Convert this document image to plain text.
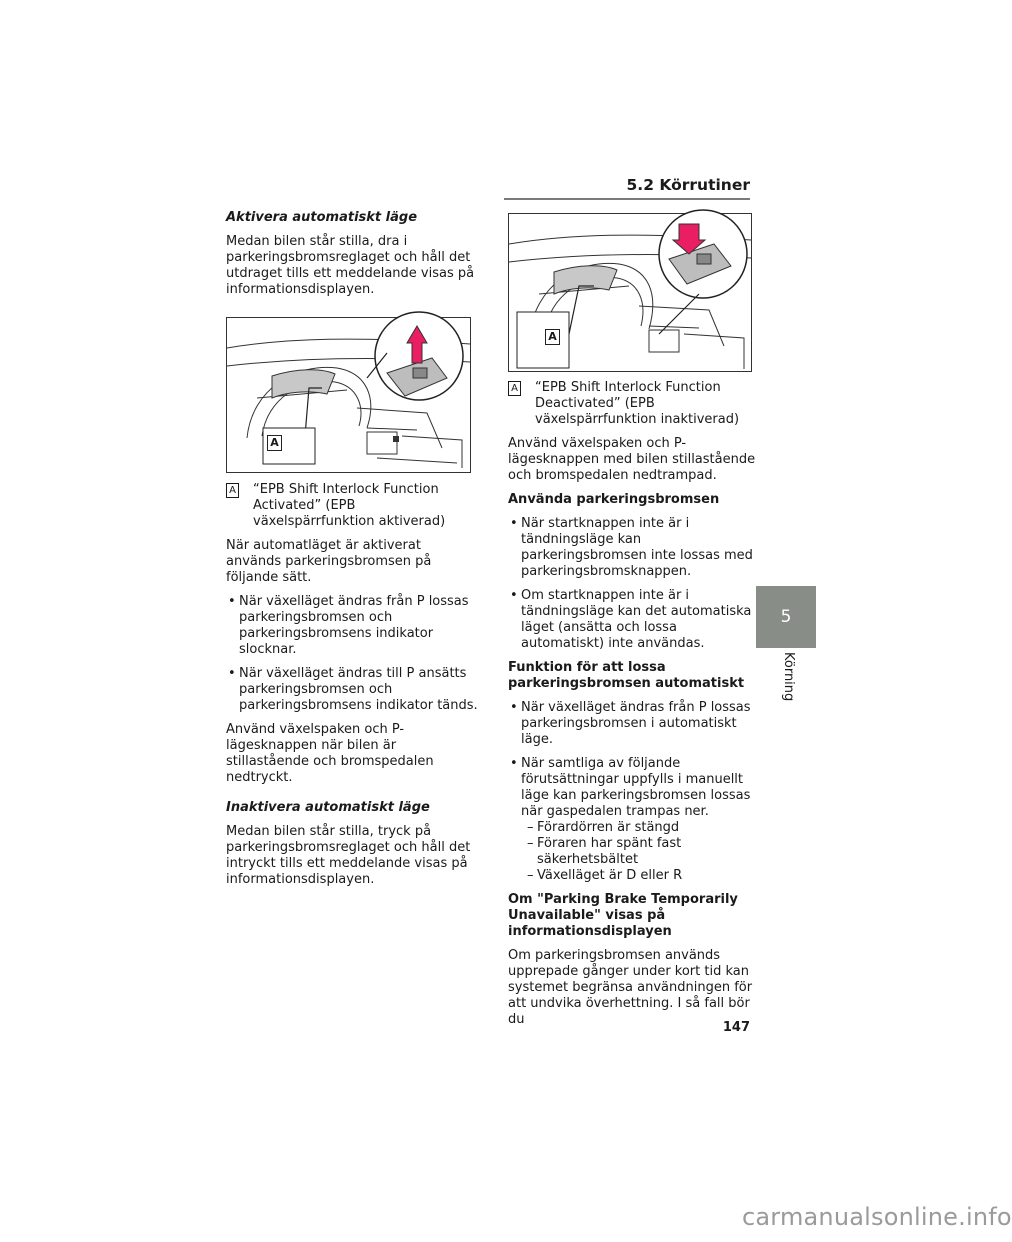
5.2 Körrutiner
5
Körning
Aktivera automatiskt läge

Medan bilen står stilla, dra i parkeringsbromsreglaget och håll det utdraget tills ett meddelande visas på informationsdisplayen.

A
A “EPB Shift Interlock Function Activated” (EPB växelspärrfunktion aktiverad)

När automatläget är aktiverat används parkeringsbromsen på följande sätt.

• När växelläget ändras från P lossas parkeringsbromsen och parkeringsbromsens indikator slocknar.
• När växelläget ändras till P ansätts parkeringsbromsen och parkeringsbromsens indikator tänds.

Använd växelspaken och P-lägesknappen när bilen är stillastående och bromspedalen nedtryckt.

Inaktivera automatiskt läge

Medan bilen står stilla, tryck på parkeringsbromsreglaget och håll det intryckt tills ett meddelande visas på informationsdisplayen.

A
A “EPB Shift Interlock Function Deactivated” (EPB växelspärrfunktion inaktiverad)

Använd växelspaken och P-lägesknappen med bilen stillastående och bromspedalen nedtrampad.

Använda parkeringsbromsen
• När startknappen inte är i tändningsläge kan parkeringsbromsen inte lossas med parkeringsbromsknappen.
• Om startknappen inte är i tändningsläge kan det automatiska läget (ansätta och lossa automatiskt) inte användas.
Funktion för att lossa parkeringsbromsen automatiskt
• När växelläget ändras från P lossas parkeringsbromsen i automatiskt läge.
• När samtliga av följande förutsättningar uppfylls i manuellt läge kan parkeringsbromsen lossas när gaspedalen trampas ner.
– Förardörren är stängd
– Föraren har spänt fast säkerhetsbältet
– Växelläget är D eller R
Om "Parking Brake Temporarily Unavailable" visas på informationsdisplayen

Om parkeringsbromsen används upprepade gånger under kort tid kan systemet begränsa användningen för att undvika överhettning. I så fall bör du

147
carmanualsonline.info
